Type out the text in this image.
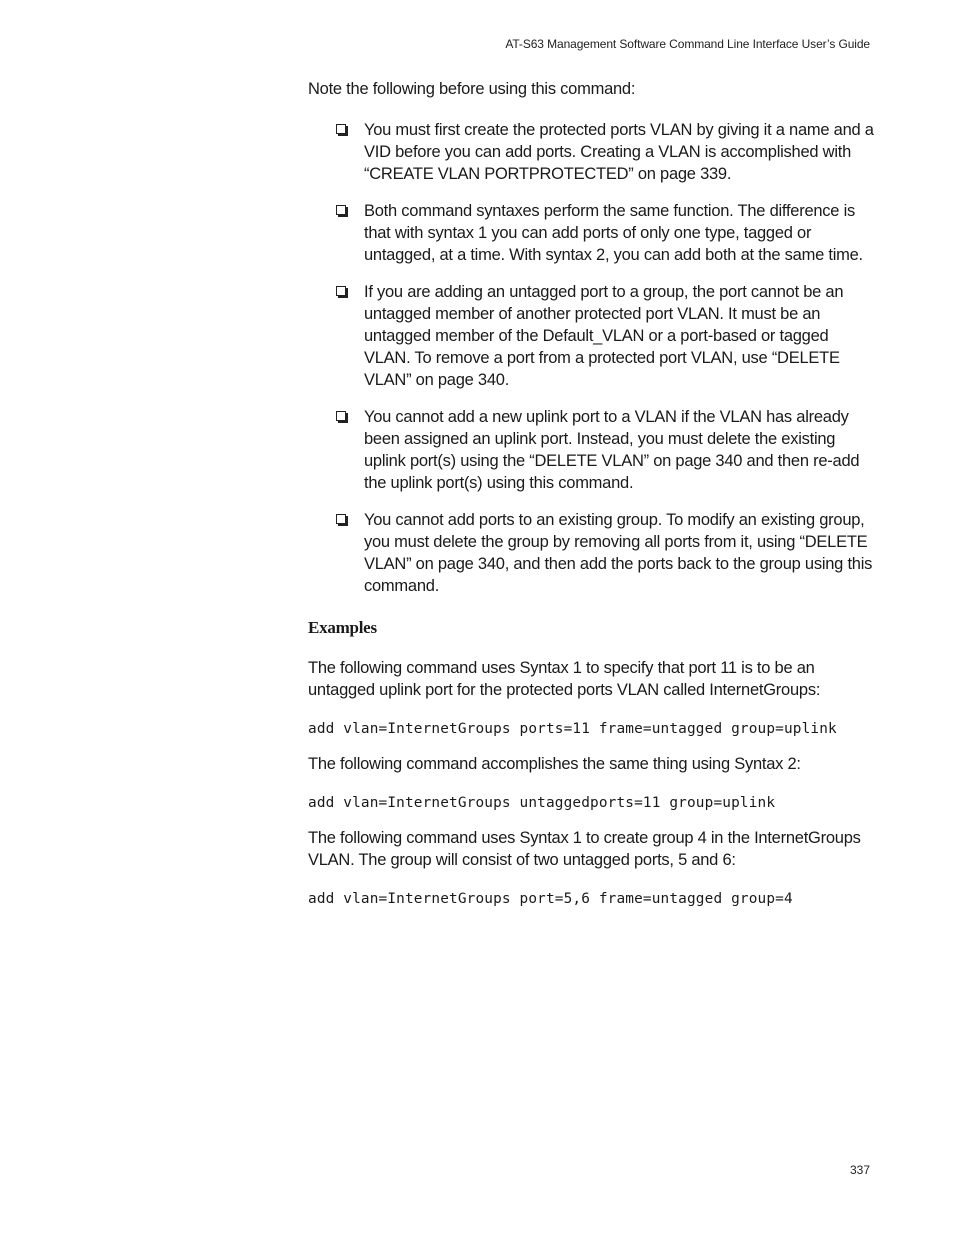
AT-S63 Management Software Command Line Interface User’s Guide

Note the following before using this command:

You must first create the protected ports VLAN by giving it a name and a VID before you can add ports. Creating a VLAN is accomplished with “CREATE VLAN PORTPROTECTED” on page 339.
Both command syntaxes perform the same function. The difference is that with syntax 1 you can add ports of only one type, tagged or untagged, at a time. With syntax 2, you can add both at the same time.
If you are adding an untagged port to a group, the port cannot be an untagged member of another protected port VLAN. It must be an untagged member of the Default_VLAN or a port-based or tagged VLAN. To remove a port from a protected port VLAN, use “DELETE VLAN” on page 340.
You cannot add a new uplink port to a VLAN if the VLAN has already been assigned an uplink port. Instead, you must delete the existing uplink port(s) using the “DELETE VLAN” on page 340 and then re-add the uplink port(s) using this command.
You cannot add ports to an existing group. To modify an existing group, you must delete the group by removing all ports from it, using “DELETE VLAN” on page 340, and then add the ports back to the group using this command.
Examples

The following command uses Syntax 1 to specify that port 11 is to be an untagged uplink port for the protected ports VLAN called InternetGroups:

add vlan=InternetGroups ports=11 frame=untagged group=uplink

The following command accomplishes the same thing using Syntax 2:

add vlan=InternetGroups untaggedports=11 group=uplink

The following command uses Syntax 1 to create group 4 in the InternetGroups VLAN. The group will consist of two untagged ports, 5 and 6:

add vlan=InternetGroups port=5,6 frame=untagged group=4
337
